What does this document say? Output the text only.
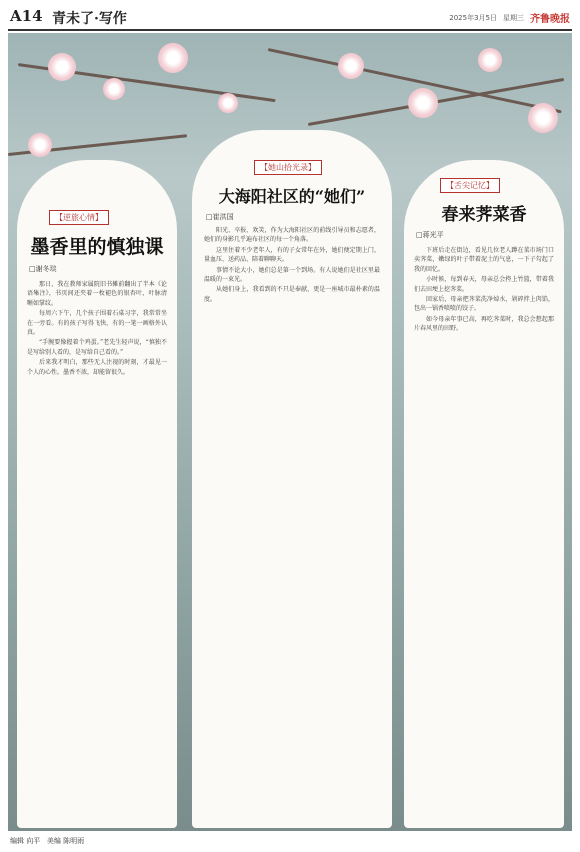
A14 青未了·写作	2025年3月5日 星期三 齐鲁晚报
【逆旅心情】
墨香里的慎独课
□谢冬琰

那日，我在教师家属院旧书摊前翻出了半本《论语集注》，书页间还夹着一枚褪色的银杏叶，叶脉清晰如掌纹。

每周六下午，几个孩子围着石桌习字，我常常坐在一旁看。有的孩子写得飞快，有的一笔一画格外认真。

“手腕要像握着个鸡蛋。”老先生轻声说，“慎独不是写给别人看的，是写给自己看的。”

后来我才明白，那些无人注视的时刻，才最见一个人的心性。墨香不浓，却能留很久。

【她山拾光录】
大海阳社区的“她们”
□崔洪国

阳光、卒报、欢笑，作为大海阳社区的前线引导员和志愿者，她们的身影几乎遍布社区的每一个角落。

这里住着不少老年人，有的子女常年在外，她们便定期上门，量血压、送药品、陪着聊聊天。

事情不论大小，她们总是第一个到场。有人说她们是社区里最温暖的一束光。

从她们身上，我看到的不只是奉献，更是一座城市最朴素的温度。

【舌尖记忆】
春来荠菜香
□蒋光平

下班后走在街边，看见几位老人蹲在菜市场门口卖荠菜，嫩绿的叶子带着泥土的气息，一下子勾起了我的回忆。

小时候，每到春天，母亲总会挎上竹篮，带着我们去田埂上挖荠菜。

回家后，母亲把荠菜洗净焯水，剁碎拌上肉馅，包出一锅香喷喷的饺子。

如今母亲年事已高，再吃荠菜时，我总会想起那片春风里的田野。

编辑 向平 美编 陈明雨
